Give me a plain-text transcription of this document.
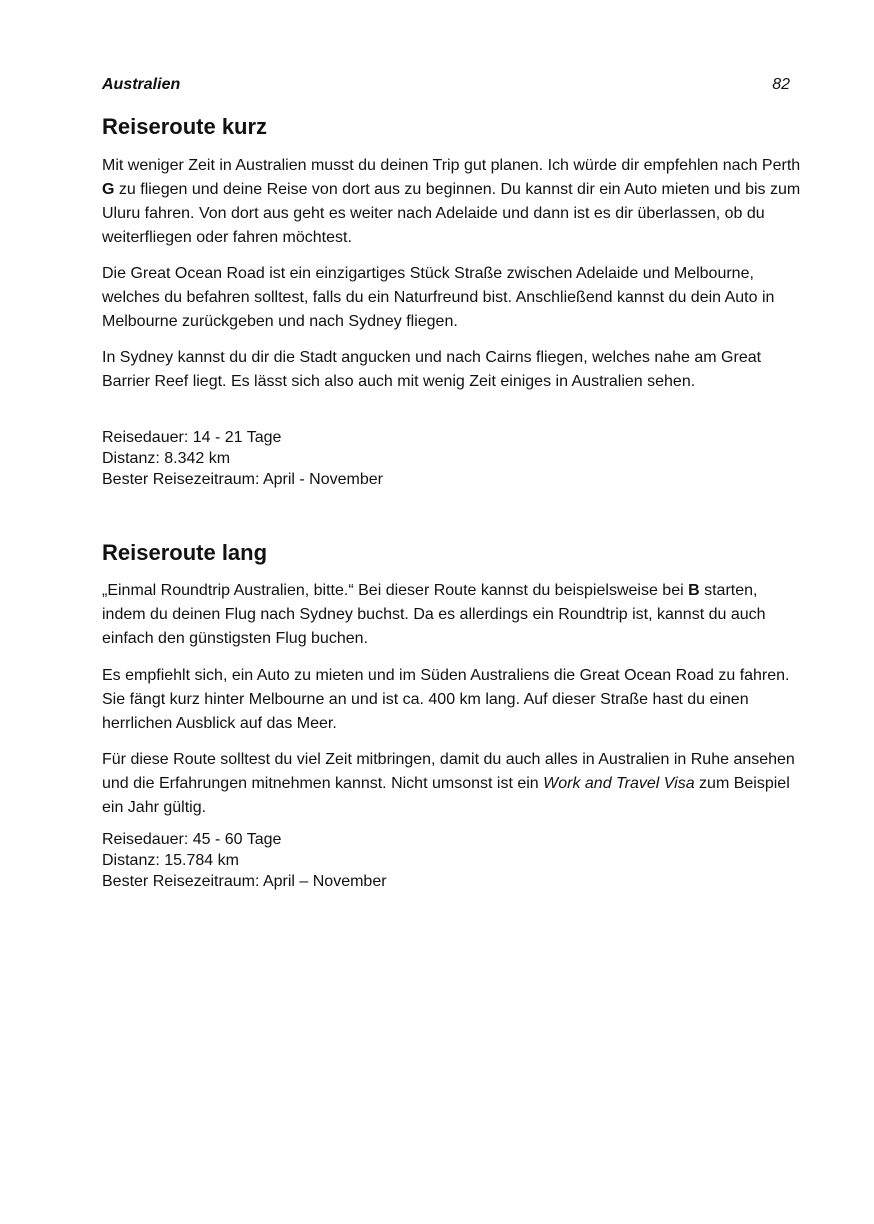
Australien	82
Reiseroute kurz

Mit weniger Zeit in Australien musst du deinen Trip gut planen. Ich würde dir empfehlen nach Perth G zu fliegen und deine Reise von dort aus zu beginnen. Du kannst dir ein Auto mieten und bis zum Uluru fahren. Von dort aus geht es weiter nach Adelaide und dann ist es dir überlassen, ob du weiterfliegen oder fahren möchtest.

Die Great Ocean Road ist ein einzigartiges Stück Straße zwischen Adelaide und Melbourne, welches du befahren solltest, falls du ein Naturfreund bist. Anschließend kannst du dein Auto in Melbourne zurückgeben und nach Sydney fliegen.

In Sydney kannst du dir die Stadt angucken und nach Cairns fliegen, welches nahe am Great Barrier Reef liegt. Es lässt sich also auch mit wenig Zeit einiges in Australien sehen.

Reisedauer: 14 - 21 Tage
Distanz: 8.342 km
Bester Reisezeitraum: April - November
Reiseroute lang

„Einmal Roundtrip Australien, bitte.“ Bei dieser Route kannst du beispielsweise bei B starten, indem du deinen Flug nach Sydney buchst. Da es allerdings ein Roundtrip ist, kannst du auch einfach den günstigsten Flug buchen.

Es empfiehlt sich, ein Auto zu mieten und im Süden Australiens die Great Ocean Road zu fahren. Sie fängt kurz hinter Melbourne an und ist ca. 400 km lang. Auf dieser Straße hast du einen herrlichen Ausblick auf das Meer.

Für diese Route solltest du viel Zeit mitbringen, damit du auch alles in Australien in Ruhe ansehen und die Erfahrungen mitnehmen kannst. Nicht umsonst ist ein Work and Travel Visa zum Beispiel ein Jahr gültig.

Reisedauer: 45 - 60 Tage
Distanz: 15.784 km
Bester Reisezeitraum: April – November
